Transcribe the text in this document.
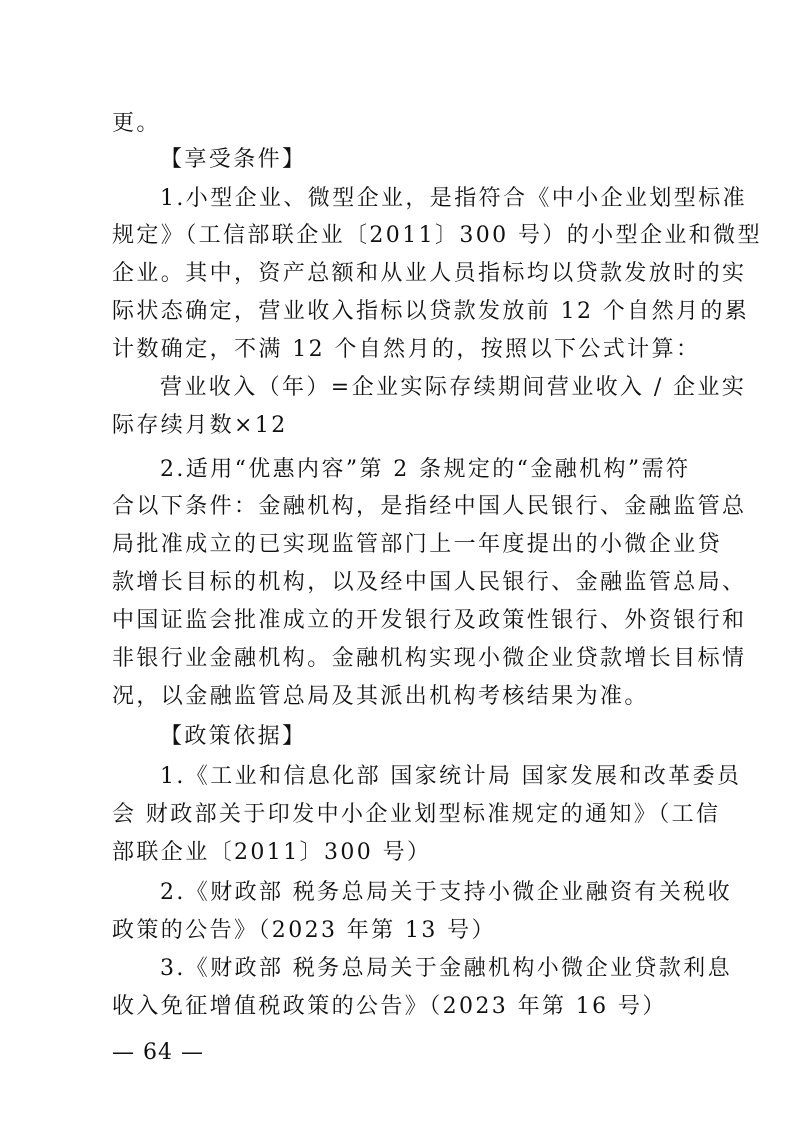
更。
【享受条件】
1.小型企业、微型企业，是指符合《中小企业划型标准
规定》（工信部联企业〔2011〕300 号）的小型企业和微型
企业。其中，资产总额和从业人员指标均以贷款发放时的实
际状态确定，营业收入指标以贷款发放前 12 个自然月的累
计数确定，不满 12 个自然月的，按照以下公式计算：
营业收入（年）=企业实际存续期间营业收入 / 企业实
际存续月数×12
2.适用“优惠内容”第 2 条规定的“金融机构”需符
合以下条件：金融机构，是指经中国人民银行、金融监管总
局批准成立的已实现监管部门上一年度提出的小微企业贷
款增长目标的机构，以及经中国人民银行、金融监管总局、
中国证监会批准成立的开发银行及政策性银行、外资银行和
非银行业金融机构。金融机构实现小微企业贷款增长目标情
况，以金融监管总局及其派出机构考核结果为准。
【政策依据】
1.《工业和信息化部 国家统计局 国家发展和改革委员
会 财政部关于印发中小企业划型标准规定的通知》（工信
部联企业〔2011〕300 号）
2.《财政部 税务总局关于支持小微企业融资有关税收
政策的公告》（2023 年第 13 号）
3.《财政部 税务总局关于金融机构小微企业贷款利息
收入免征增值税政策的公告》（2023 年第 16 号）
— 64 —
